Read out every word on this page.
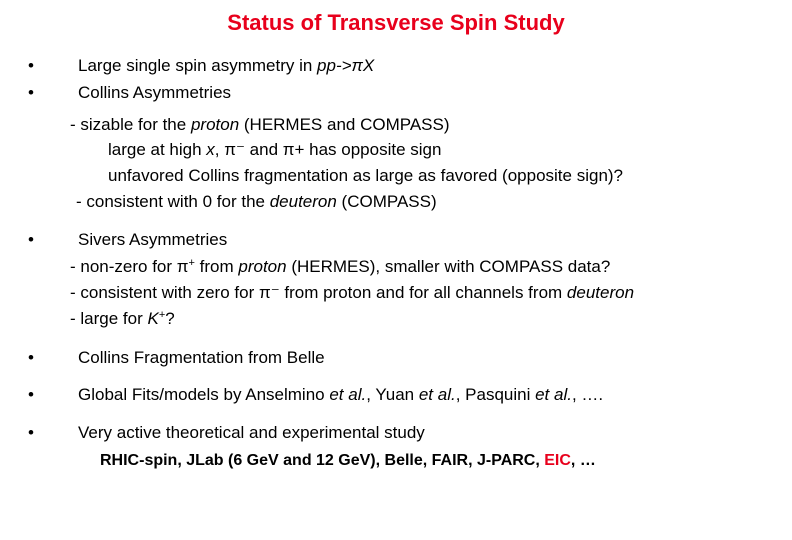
Status of Transverse Spin Study
•	Large single spin asymmetry in pp->πX
•	Collins Asymmetries
- sizable for the proton (HERMES and COMPASS)
large at high x, π⁻ and π+ has opposite sign
unfavored Collins fragmentation as large as favored (opposite sign)?
- consistent with 0 for the deuteron (COMPASS)
•	Sivers Asymmetries
- non-zero for π+ from proton (HERMES), smaller with COMPASS data?
- consistent with zero for π⁻ from proton and for all channels from deuteron
- large for K+?
•	Collins Fragmentation from Belle
•	Global Fits/models by Anselmino et al., Yuan et al., Pasquini et al., ….
•	Very active theoretical and experimental study
RHIC-spin, JLab (6 GeV and 12 GeV), Belle, FAIR, J-PARC, EIC, …
